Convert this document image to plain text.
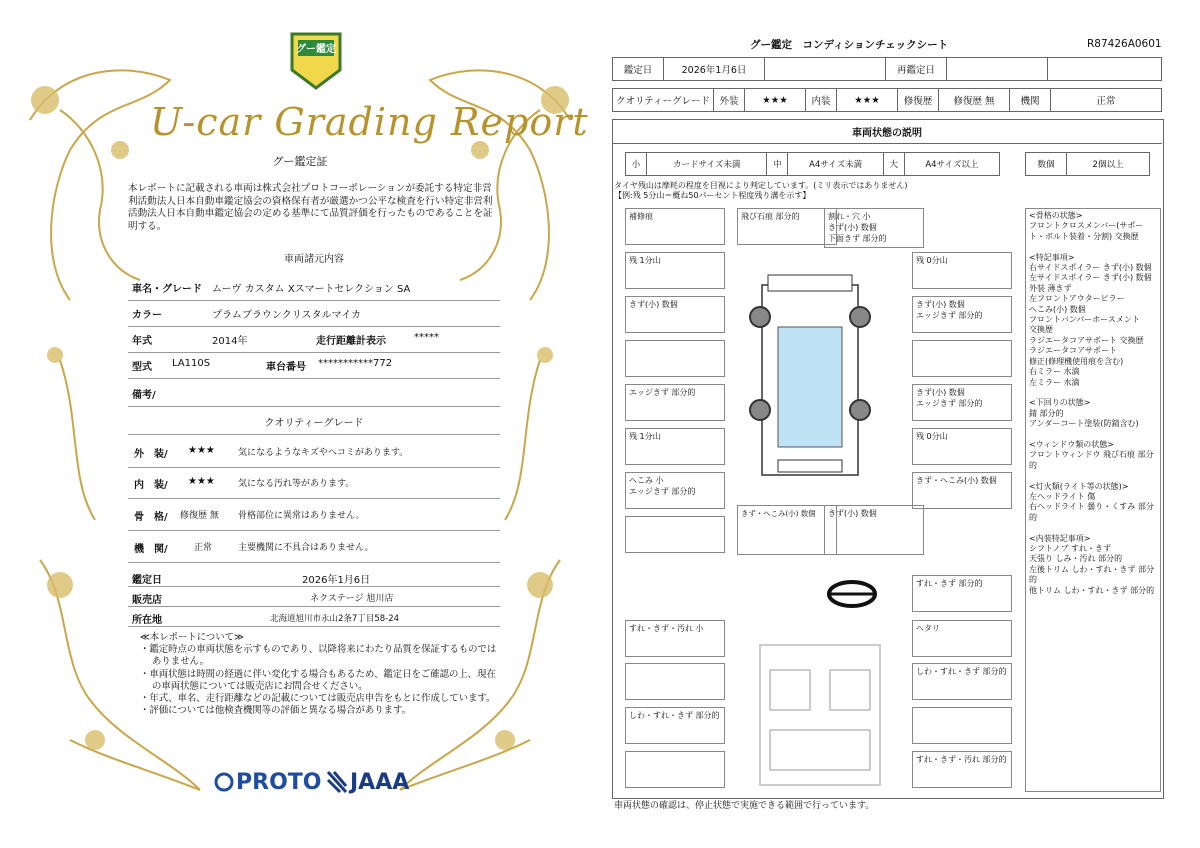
グー鑑定
U-car Grading Report
グー鑑定証
本レポートに記載される車両は株式会社プロトコーポレーションが委託する特定非営利活動法人日本自動車鑑定協会の資格保有者が厳選かつ公平な検査を行い特定非営利活動法人日本自動車鑑定協会の定める基準にて品質評価を行ったものであることを証明する。
車両諸元内容
車名・グレード ムーヴ カスタム Xスマートセレクション SA
カラー	プラムブラウンクリスタルマイカ
年式	2014年	走行距離計表示	*****
型式 LA110S	車台番号 ***********772
備考/
クオリティーグレード
外　装/ ★★★	気になるようなキズやヘコミがあります。
内　装/ ★★★	気になる汚れ等があります。
骨　格/ 修復歴 無 骨格部位に異常はありません。
機　関/	正常	主要機関に不具合はありません。
鑑定日	2026年1月6日
販売店	ネクステージ 旭川店
所在地	北海道旭川市永山2条7丁目58-24
≪本レポートについて≫
・鑑定時点の車両状態を示すものであり、以降将来にわたり品質を保証するものではありません。
・車両状態は時間の経過に伴い変化する場合もあるため、鑑定日をご確認の上、現在の車両状態については販売店にお問合せください。
・年式、車名、走行距離などの記載については販売店申告をもとに作成しています。
・評価については他検査機関等の評価と異なる場合があります。
PROTO JAAA
グー鑑定　コンディションチェックシート	R87426A0601
鑑定日	2026年1月6日		再鑑定日		
クオリティーグレード	外装	★★★	内装	★★★	修復歴	修復歴 無	機関	正常
車両状態の説明
小	カードサイズ未満	中	A4サイズ未満	大	A4サイズ以上	数個	2個以上
タイヤ残山は摩耗の程度を目視により判定しています。(ミリ表示ではありません)
【例:残 5分山＝概ね50パーセント程度残り溝を示す】
補修痕	飛び石痕 部分的	割れ・穴 小
きず(小) 数個
下面きず 部分的
残 1分山	残 0分山
きず(小) 数個	きず(小) 数個
エッジきず 部分的
エッジきず 部分的	きず(小) 数個
エッジきず 部分的
残 1分山	残 0分山
へこみ 小
エッジきず 部分的
きず・へこみ(小) 数個
きず・へこみ(小) 数個	きず(小) 数個
すれ・きず 部分的
すれ・きず・汚れ 小	ヘタリ
しわ・すれ・きず 部分的
しわ・すれ・きず 部分的
すれ・きず・汚れ 部分的
<骨格の状態>
フロントクロスメンバー(サポート・ボルト装着・分割) 交換歴

<特記事項>
右サイドスポイラー きず(小) 数個
左サイドスポイラー きず(小) 数個
外装 薄きず
左フロントアウターピラー
へこみ(小) 数個
フロントバンパーホースメント
交換歴
ラジエータコアサポート 交換歴
ラジエータコアサポート
修正(修理機使用痕を含む)
右ミラー 水滴
左ミラー 水滴

<下回りの状態>
錆 部分的
アンダーコート塗装(防錆含む)

<ウィンドウ類の状態>
フロントウィンドウ 飛び石痕 部分的

<灯火類(ライト等の状態)>
左ヘッドライト 傷
右ヘッドライト 曇り・くすみ 部分的

<内装特記事項>
シフトノブ すれ・きず
天張り しみ・汚れ 部分的
左後トリム しわ・すれ・きず 部分的
他トリム しわ・すれ・きず 部分的
車両状態の確認は、停止状態で実施できる範囲で行っています。
